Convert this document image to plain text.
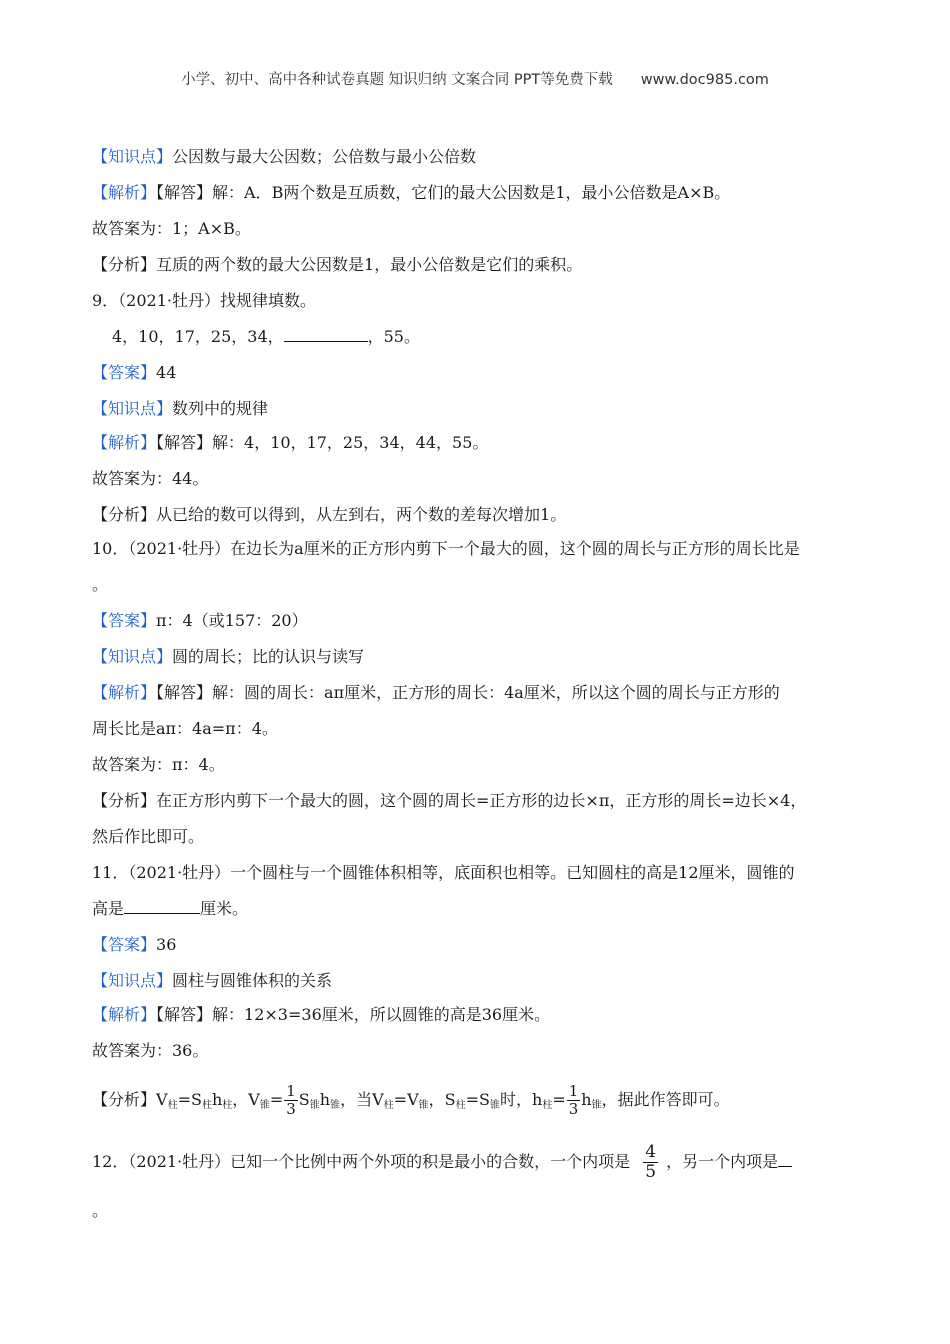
小学、初中、高中各种试卷真题 知识归纳 文案合同 PPT等免费下载 www.doc985.com
【知识点】公因数与最大公因数；公倍数与最小公倍数
【解析】【解答】解：A．B两个数是互质数，它们的最大公因数是1，最小公倍数是A×B。
故答案为：1；A×B。
【分析】互质的两个数的最大公因数是1，最小公倍数是它们的乘积。
9．（2021·牡丹）找规律填数。
4，10，17，25，34，	，55。
【答案】44
【知识点】数列中的规律
【解析】【解答】解：4，10，17，25，34，44，55。
故答案为：44。
【分析】从已给的数可以得到，从左到右，两个数的差每次增加1。
10．（2021·牡丹）在边长为a厘米的正方形内剪下一个最大的圆，这个圆的周长与正方形的周长比是
。
【答案】π：4（或157：20）
【知识点】圆的周长；比的认识与读写
【解析】【解答】解：圆的周长：aπ厘米，正方形的周长：4a厘米，所以这个圆的周长与正方形的
周长比是aπ：4a=π：4。
故答案为：π：4。
【分析】在正方形内剪下一个最大的圆，这个圆的周长=正方形的边长×π，正方形的周长=边长×4，
然后作比即可。
11．（2021·牡丹）一个圆柱与一个圆锥体积相等，底面积也相等。已知圆柱的高是12厘米，圆锥的
高是	厘米。
【答案】36
【知识点】圆柱与圆锥体积的关系
【解析】【解答】解：12×3=36厘米，所以圆锥的高是36厘米。
故答案为：36。
【分析】V柱=S柱h柱，V锥= $\frac{1}{3}$ S锥h锥，当V柱=V锥，S柱=S锥时，h柱= $\frac{1}{3}$ h锥，据此作答即可。
12．（2021·牡丹）已知一个比例中两个外项的积是最小的合数，一个内项是 $\frac{4}{5}$ ，另一个内项是
。
